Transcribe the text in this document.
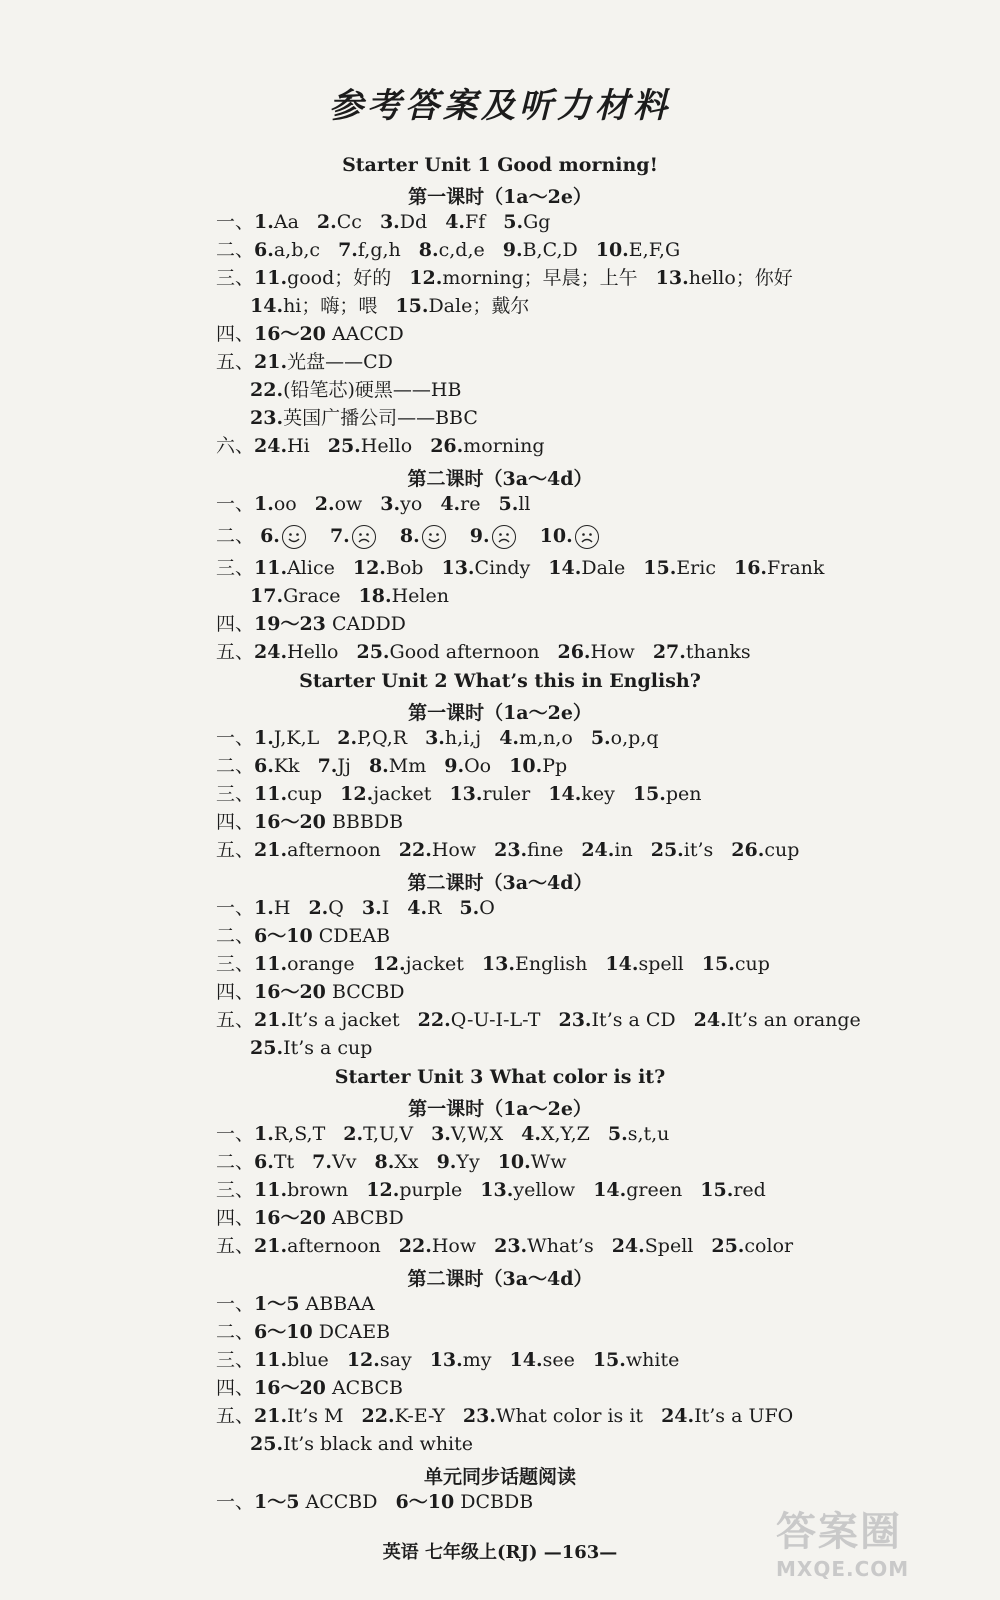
参考答案及听力材料
Starter Unit 1 Good morning!
第一课时（1a～2e）
一、1.Aa 2.Cc 3.Dd 4.Ff 5.Gg
二、6.a,b,c 7.f,g,h 8.c,d,e 9.B,C,D 10.E,F,G
三、11.good；好的 12.morning；早晨；上午 13.hello；你好
14.hi；嗨；喂 15.Dale；戴尔
四、16～20 AACCD
五、21.光盘——CD
22.(铅笔芯)硬黑——HB
23.英国广播公司——BBC
六、24.Hi 25.Hello 26.morning
第二课时（3a～4d）
一、1.oo 2.ow 3.yo 4.re 5.ll
二、 6.	7.	8.	9.	10.
三、11.Alice 12.Bob 13.Cindy 14.Dale 15.Eric 16.Frank
17.Grace 18.Helen
四、19～23 CADDD
五、24.Hello 25.Good afternoon 26.How 27.thanks
Starter Unit 2 What’s this in English?
第一课时（1a～2e）
一、1.J,K,L 2.P,Q,R 3.h,i,j 4.m,n,o 5.o,p,q
二、6.Kk 7.Jj 8.Mm 9.Oo 10.Pp
三、11.cup 12.jacket 13.ruler 14.key 15.pen
四、16～20 BBBDB
五、21.afternoon 22.How 23.fine 24.in 25.it’s 26.cup
第二课时（3a～4d）
一、1.H 2.Q 3.I 4.R 5.O
二、6～10 CDEAB
三、11.orange 12.jacket 13.English 14.spell 15.cup
四、16～20 BCCBD
五、21.It’s a jacket 22.Q-U-I-L-T 23.It’s a CD 24.It’s an orange
25.It’s a cup
Starter Unit 3 What color is it?
第一课时（1a～2e）
一、1.R,S,T 2.T,U,V 3.V,W,X 4.X,Y,Z 5.s,t,u
二、6.Tt 7.Vv 8.Xx 9.Yy 10.Ww
三、11.brown 12.purple 13.yellow 14.green 15.red
四、16～20 ABCBD
五、21.afternoon 22.How 23.What’s 24.Spell 25.color
第二课时（3a～4d）
一、1～5 ABBAA
二、6～10 DCAEB
三、11.blue 12.say 13.my 14.see 15.white
四、16～20 ACBCB
五、21.It’s M 22.K-E-Y 23.What color is it 24.It’s a UFO
25.It’s black and white
单元同步话题阅读
一、1～5 ACCBD 6～10 DCBDB
英语 七年级上(RJ) —163—	答案圈
MXQE.COM
